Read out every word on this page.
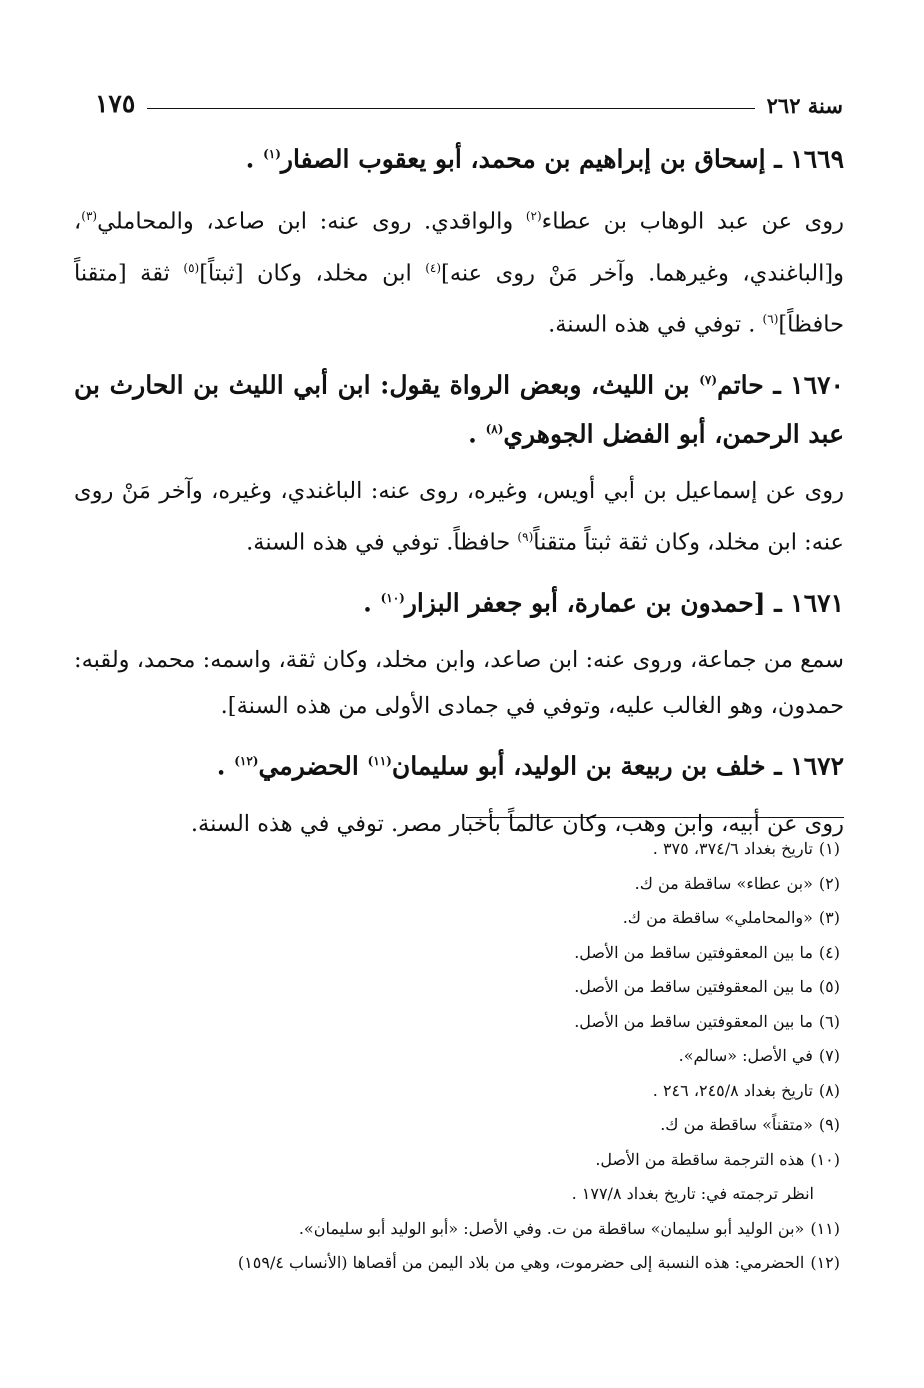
سنة ٢٦٢
١٧٥

١٦٦٩ ـ إسحاق بن إبراهيم بن محمد، أبو يعقوب الصفار$^{(١)}$ .

روى عن عبد الوهاب بن عطاء$^{(٢)}$ والواقدي. روى عنه: ابن صاعد، والمحاملي$^{(٣)}$، و[الباغندي، وغيرهما. وآخر مَنْ روى عنه]$^{(٤)}$ ابن مخلد، وكان [ثبتاً]$^{(٥)}$ ثقة [متقناً حافظاً]$^{(٦)}$ . توفي في هذه السنة.

١٦٧٠ ـ حاتم$^{(٧)}$ بن الليث، وبعض الرواة يقول: ابن أبي الليث بن الحارث بن عبد الرحمن، أبو الفضل الجوهري$^{(٨)}$ .

روى عن إسماعيل بن أبي أويس، وغيره، روى عنه: الباغندي، وغيره، وآخر مَنْ روى عنه: ابن مخلد، وكان ثقة ثبتاً متقناً$^{(٩)}$ حافظاً. توفي في هذه السنة.

١٦٧١ ـ [حمدون بن عمارة، أبو جعفر البزار$^{(١٠)}$ .

سمع من جماعة، وروى عنه: ابن صاعد، وابن مخلد، وكان ثقة، واسمه: محمد، ولقبه: حمدون، وهو الغالب عليه، وتوفي في جمادى الأولى من هذه السنة].

١٦٧٢ ـ خلف بن ربيعة بن الوليد، أبو سليمان$^{(١١)}$ الحضرمي$^{(١٢)}$ .

روى عن أبيه، وابن وهب، وكان عالماً بأخبار مصر. توفي في هذه السنة.

(١)تاريخ بغداد ٣٧٤/٦، ٣٧٥ .

(٢)«بن عطاء» ساقطة من ك.

(٣)«والمحاملي» ساقطة من ك.

(٤)ما بين المعقوفتين ساقط من الأصل.

(٥)ما بين المعقوفتين ساقط من الأصل.

(٦)ما بين المعقوفتين ساقط من الأصل.

(٧)في الأصل: «سالم».

(٨)تاريخ بغداد ٢٤٥/٨، ٢٤٦ .

(٩)«متقناً» ساقطة من ك.

(١٠)هذه الترجمة ساقطة من الأصل.

انظر ترجمته في: تاريخ بغداد ١٧٧/٨ .

(١١)«بن الوليد أبو سليمان» ساقطة من ت. وفي الأصل: «أبو الوليد أبو سليمان».

(١٢)الحضرمي: هذه النسبة إلى حضرموت، وهي من بلاد اليمن من أقصاها (الأنساب ١٥٩/٤)
